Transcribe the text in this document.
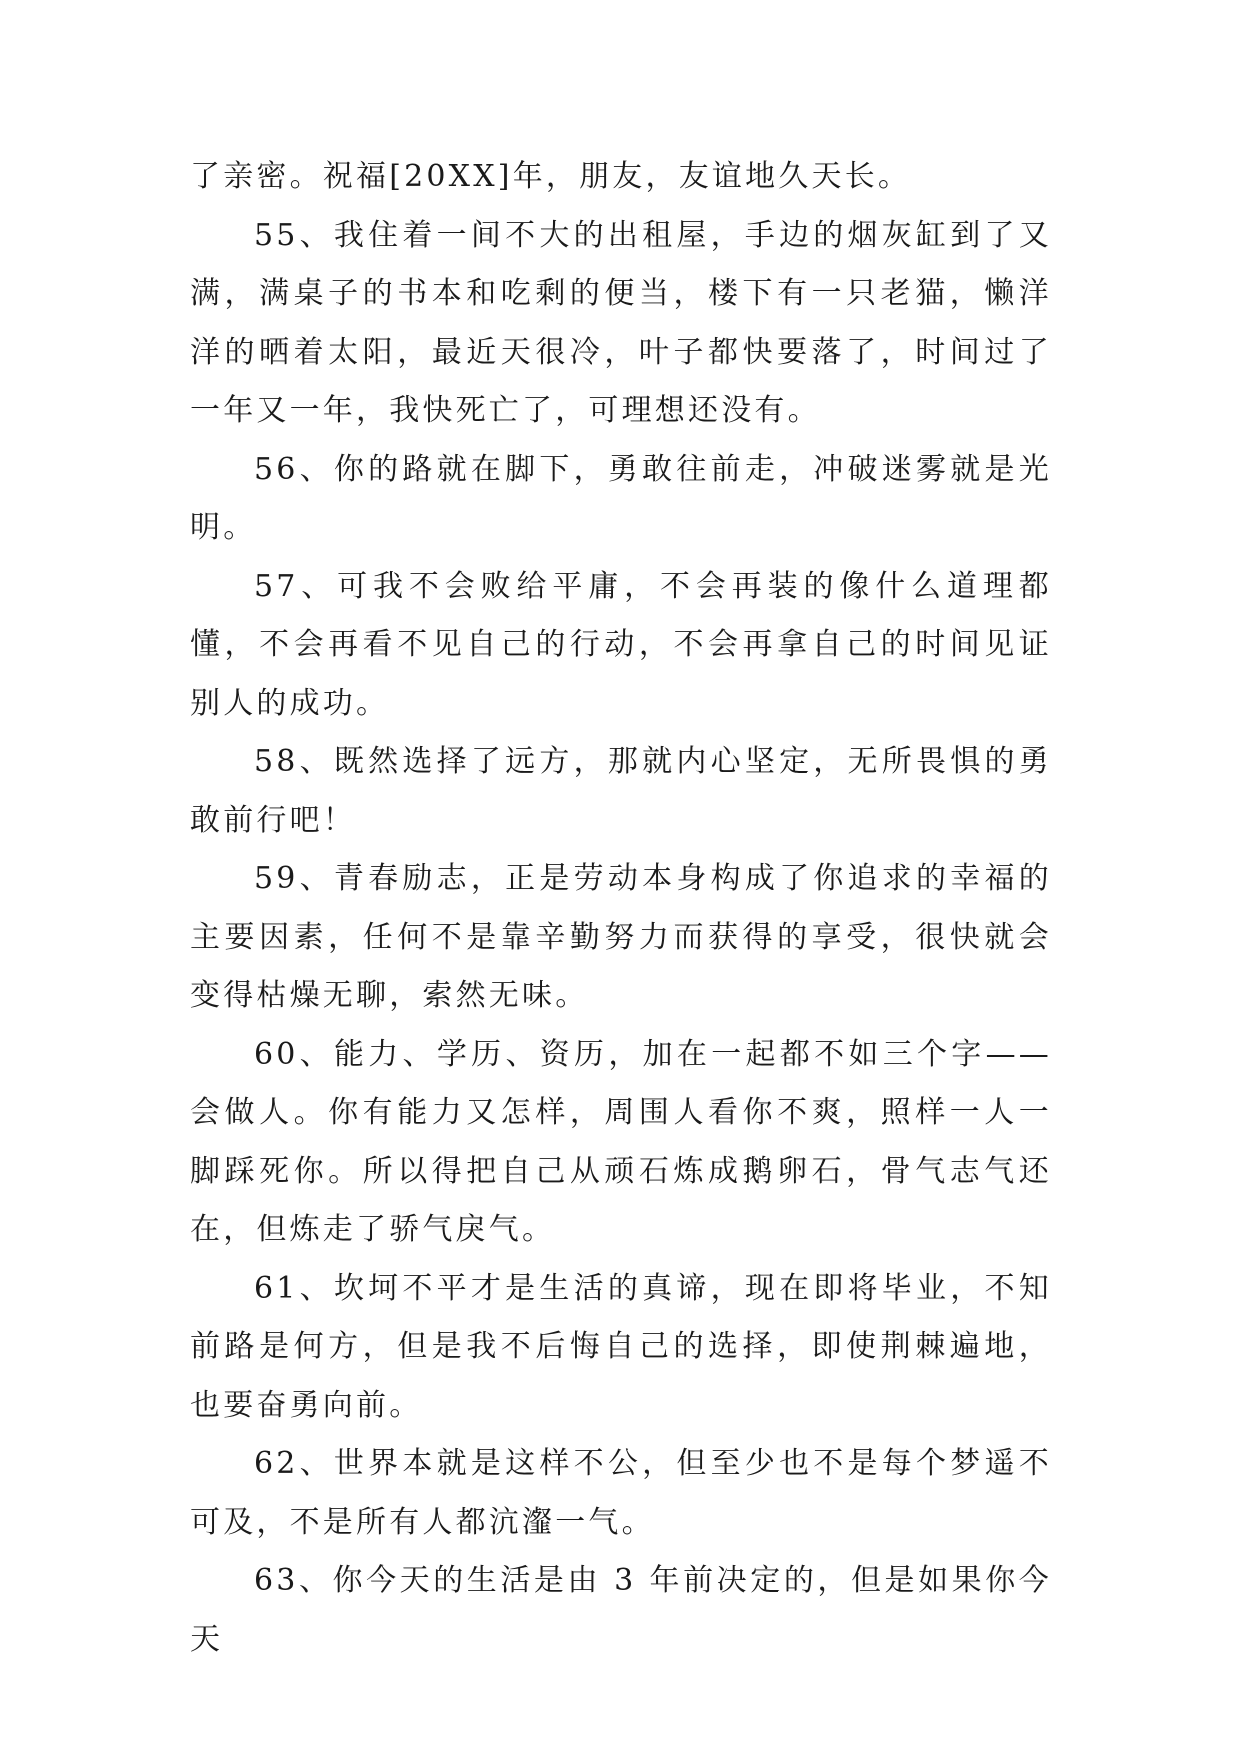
了亲密。祝福[20XX]年，朋友，友谊地久天长。

55、我住着一间不大的出租屋，手边的烟灰缸到了又满，满桌子的书本和吃剩的便当，楼下有一只老猫，懒洋洋的晒着太阳，最近天很冷，叶子都快要落了，时间过了一年又一年，我快死亡了，可理想还没有。

56、你的路就在脚下，勇敢往前走，冲破迷雾就是光明。

57、可我不会败给平庸，不会再装的像什么道理都懂，不会再看不见自己的行动，不会再拿自己的时间见证别人的成功。

58、既然选择了远方，那就内心坚定，无所畏惧的勇敢前行吧！

59、青春励志，正是劳动本身构成了你追求的幸福的主要因素，任何不是靠辛勤努力而获得的享受，很快就会变得枯燥无聊，索然无味。

60、能力、学历、资历，加在一起都不如三个字——会做人。你有能力又怎样，周围人看你不爽，照样一人一脚踩死你。所以得把自己从顽石炼成鹅卵石，骨气志气还在，但炼走了骄气戾气。

61、坎坷不平才是生活的真谛，现在即将毕业，不知前路是何方，但是我不后悔自己的选择，即使荆棘遍地，也要奋勇向前。

62、世界本就是这样不公，但至少也不是每个梦遥不可及，不是所有人都沆瀣一气。

63、你今天的生活是由 3 年前决定的，但是如果你今天
